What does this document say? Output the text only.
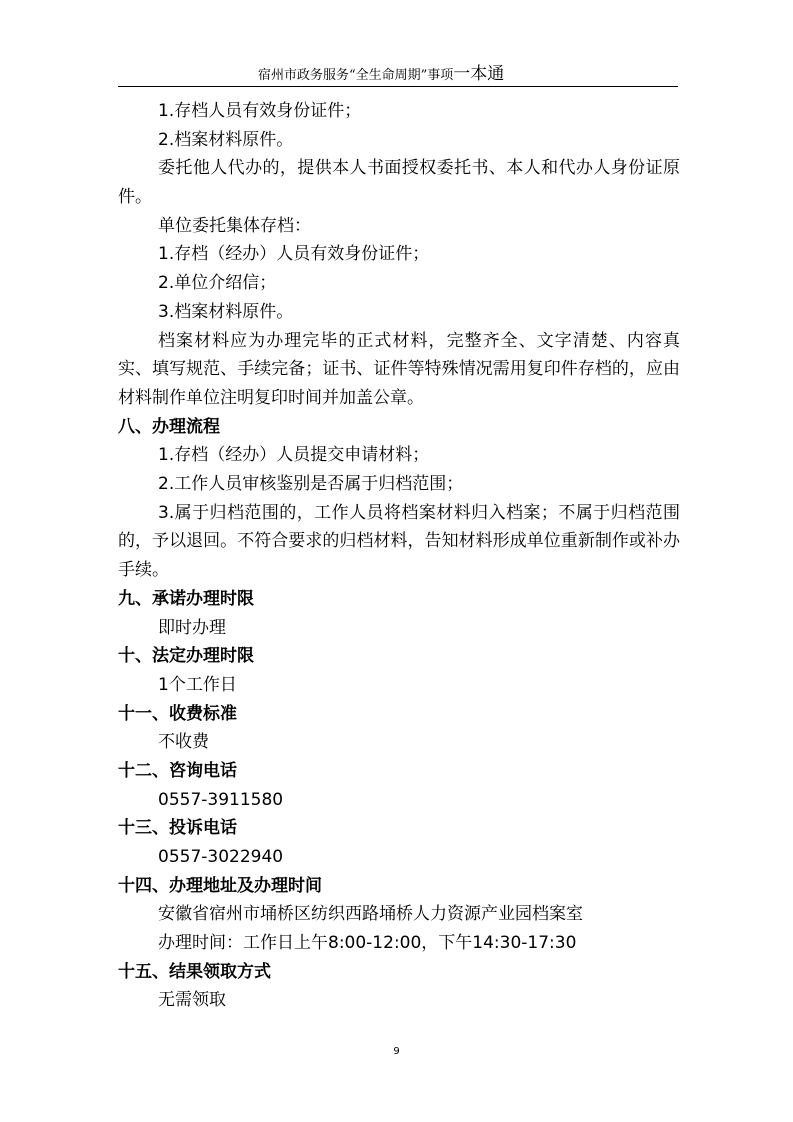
宿州市政务服务“全生命周期”事项一本通
1.存档人员有效身份证件；
2.档案材料原件。
委托他人代办的，提供本人书面授权委托书、本人和代办人身份证原件。
单位委托集体存档：
1.存档（经办）人员有效身份证件；
2.单位介绍信；
3.档案材料原件。
档案材料应为办理完毕的正式材料，完整齐全、文字清楚、内容真实、填写规范、手续完备；证书、证件等特殊情况需用复印件存档的，应由材料制作单位注明复印时间并加盖公章。
八、办理流程
1.存档（经办）人员提交申请材料；
2.工作人员审核鉴别是否属于归档范围；
3.属于归档范围的，工作人员将档案材料归入档案；不属于归档范围的，予以退回。不符合要求的归档材料，告知材料形成单位重新制作或补办手续。
九、承诺办理时限
即时办理
十、法定办理时限
1个工作日
十一、收费标准
不收费
十二、咨询电话
0557-3911580
十三、投诉电话
0557-3022940
十四、办理地址及办理时间
安徽省宿州市埇桥区纺织西路埇桥人力资源产业园档案室
办理时间：工作日上午8:00-12:00，下午14:30-17:30
十五、结果领取方式
无需领取
9
